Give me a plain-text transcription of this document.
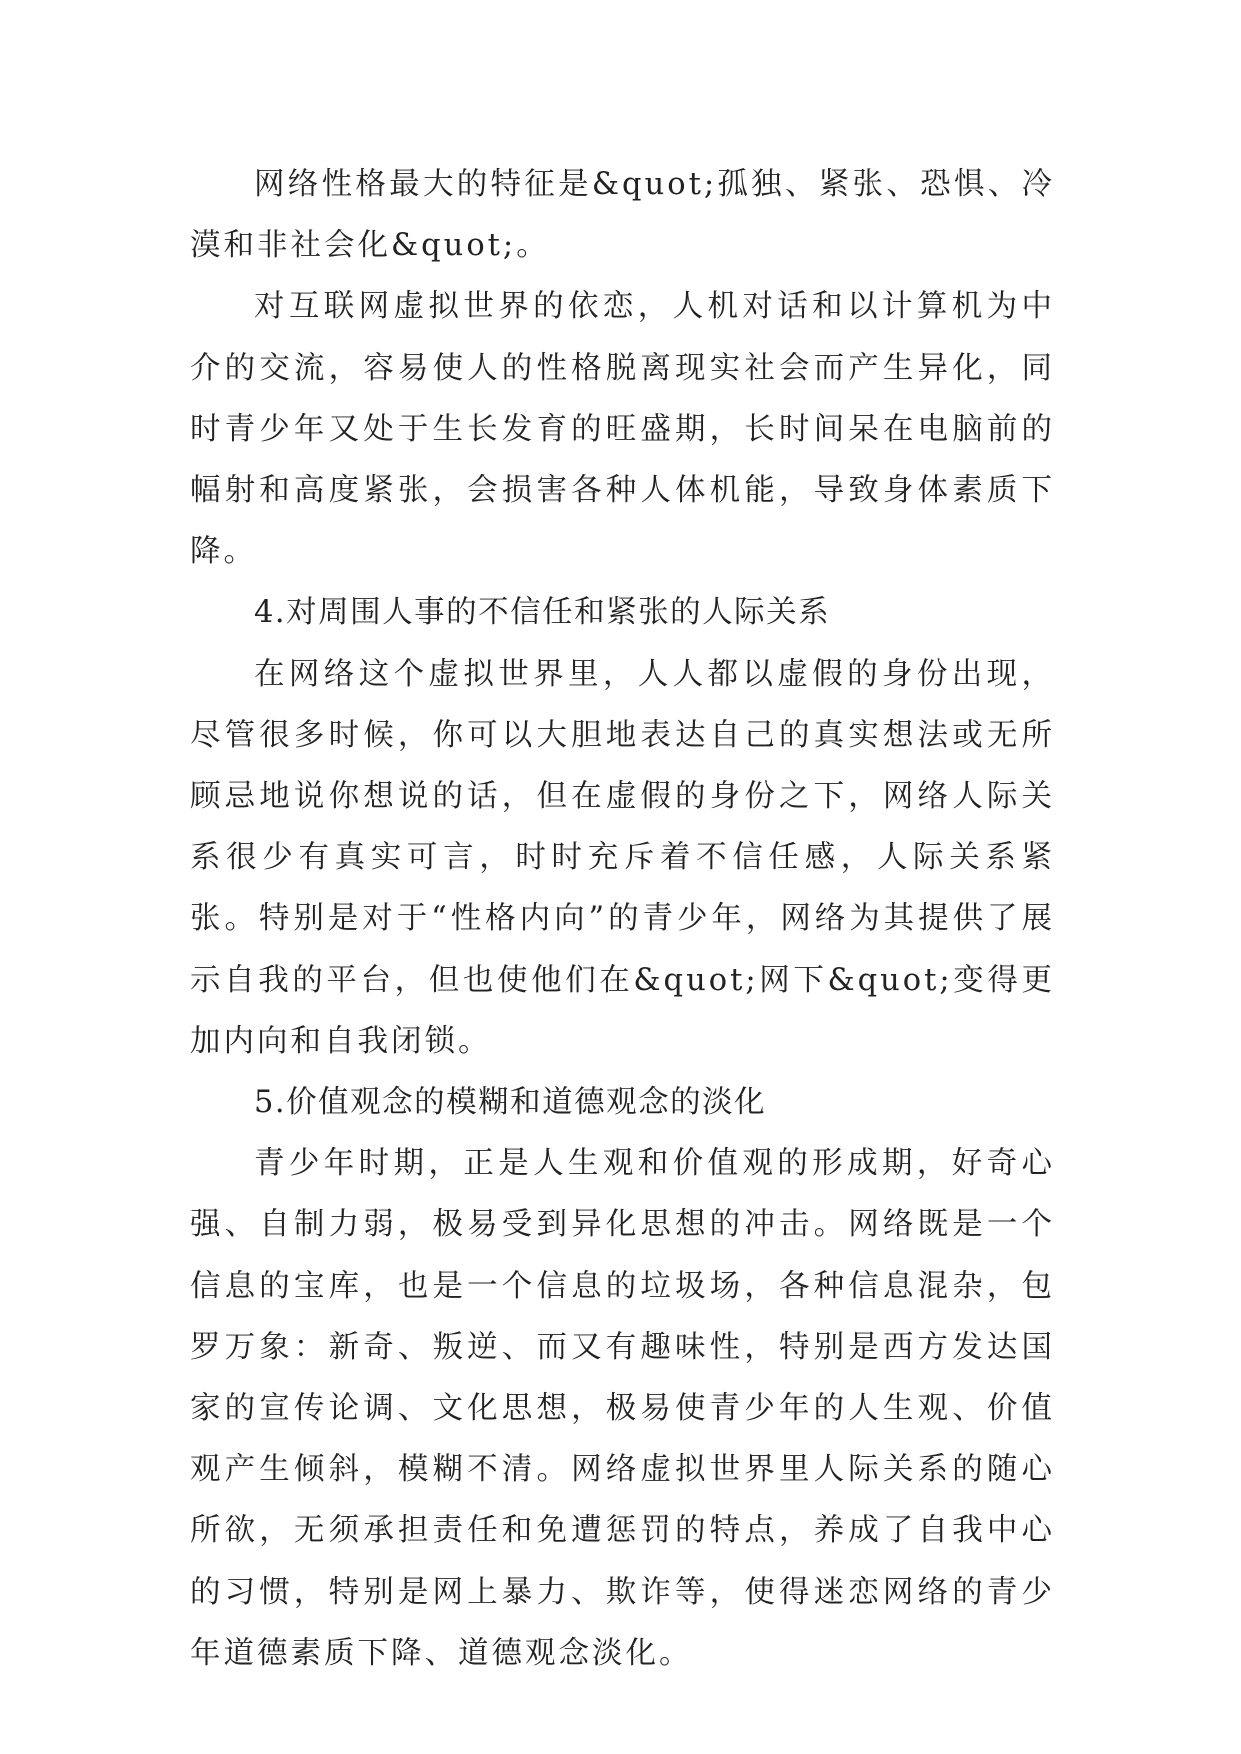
网络性格最大的特征是&quot;孤独、紧张、恐惧、冷漠和非社会化&quot;。

对互联网虚拟世界的依恋，人机对话和以计算机为中介的交流，容易使人的性格脱离现实社会而产生异化，同时青少年又处于生长发育的旺盛期，长时间呆在电脑前的幅射和高度紧张，会损害各种人体机能，导致身体素质下降。

4.对周围人事的不信任和紧张的人际关系

在网络这个虚拟世界里，人人都以虚假的身份出现，尽管很多时候，你可以大胆地表达自己的真实想法或无所顾忌地说你想说的话，但在虚假的身份之下，网络人际关系很少有真实可言，时时充斥着不信任感，人际关系紧张。特别是对于“性格内向”的青少年，网络为其提供了展示自我的平台，但也使他们在&quot;网下&quot;变得更加内向和自我闭锁。

5.价值观念的模糊和道德观念的淡化

青少年时期，正是人生观和价值观的形成期，好奇心强、自制力弱，极易受到异化思想的冲击。网络既是一个信息的宝库，也是一个信息的垃圾场，各种信息混杂，包罗万象：新奇、叛逆、而又有趣味性，特别是西方发达国家的宣传论调、文化思想，极易使青少年的人生观、价值观产生倾斜，模糊不清。网络虚拟世界里人际关系的随心所欲，无须承担责任和免遭惩罚的特点，养成了自我中心的习惯，特别是网上暴力、欺诈等，使得迷恋网络的青少年道德素质下降、道德观念淡化。
